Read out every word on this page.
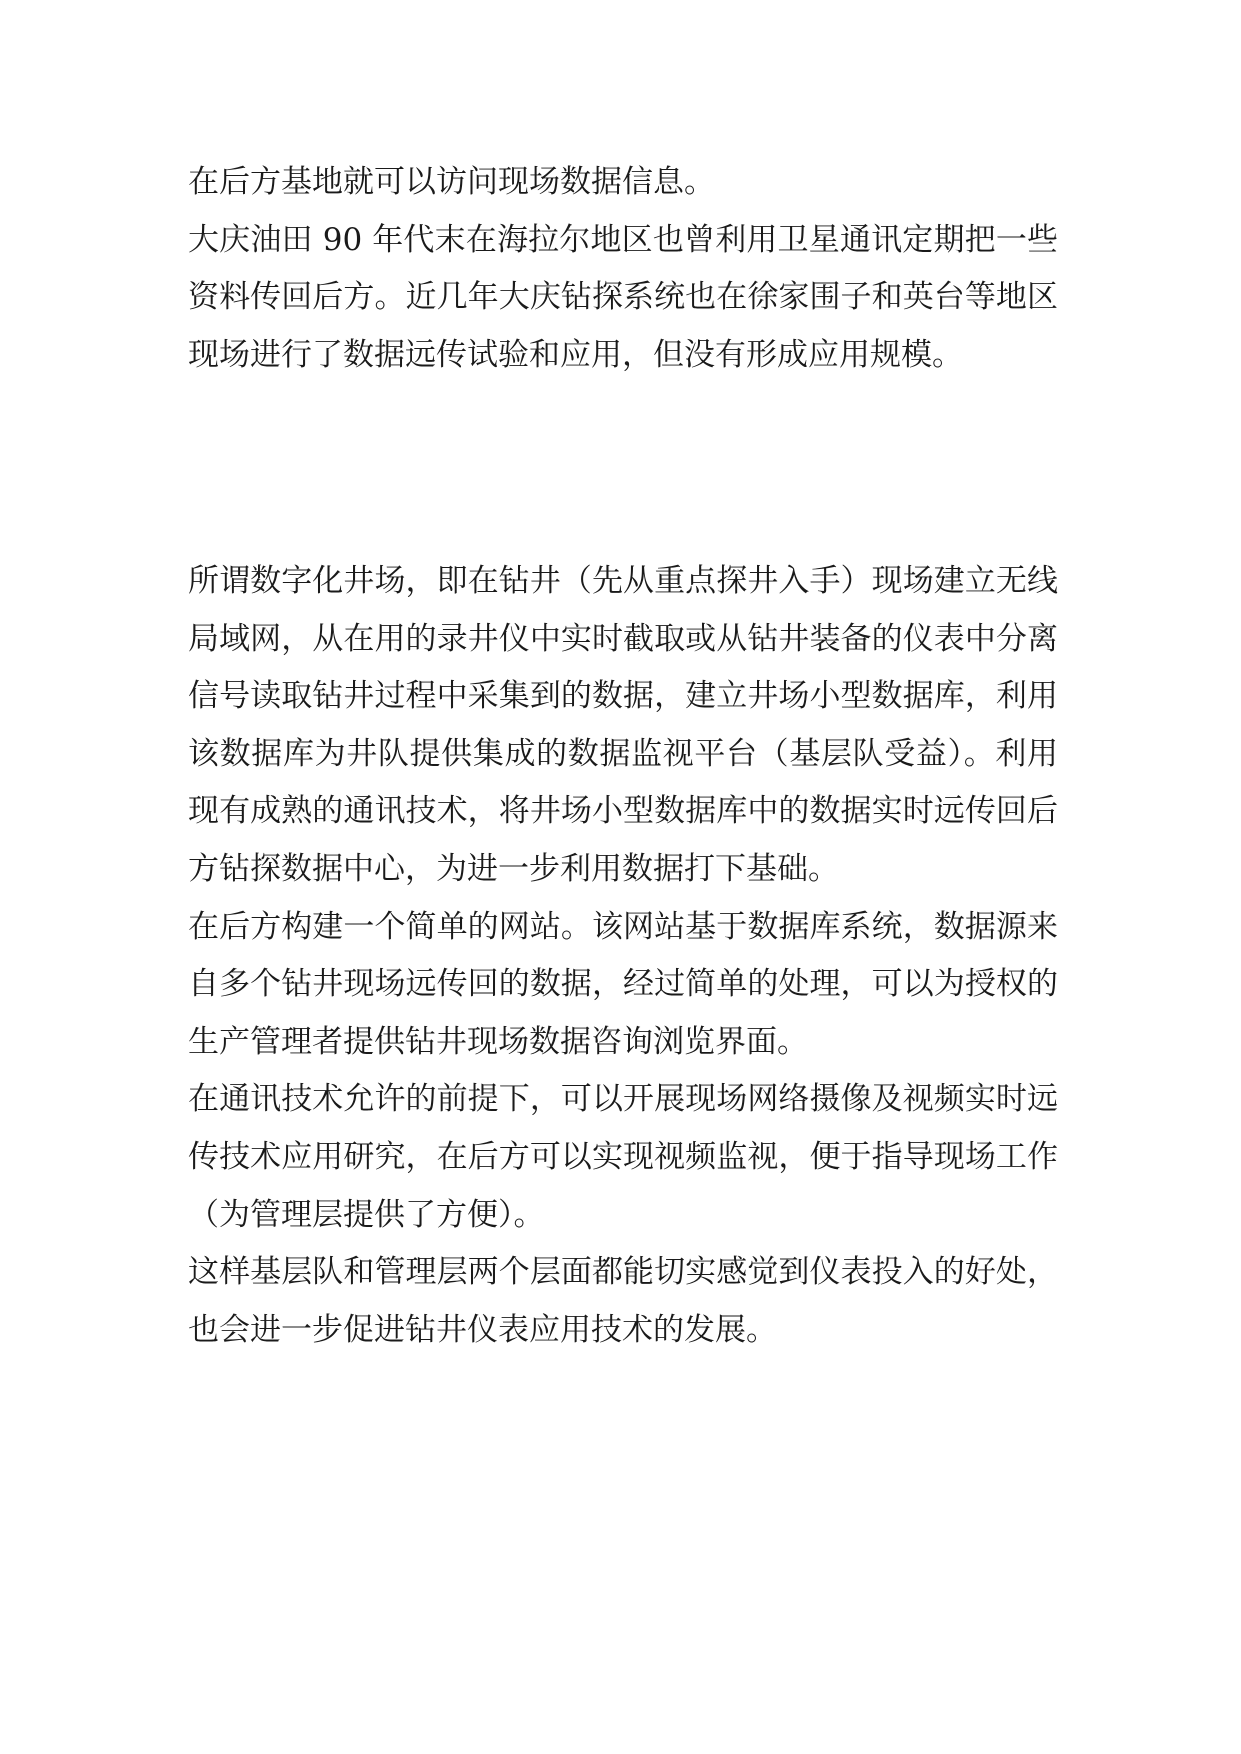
在后方基地就可以访问现场数据信息。

大庆油田 90 年代末在海拉尔地区也曾利用卫星通讯定期把一些资料传回后方。近几年大庆钻探系统也在徐家围子和英台等地区现场进行了数据远传试验和应用，但没有形成应用规模。

所谓数字化井场，即在钻井（先从重点探井入手）现场建立无线局域网，从在用的录井仪中实时截取或从钻井装备的仪表中分离信号读取钻井过程中采集到的数据，建立井场小型数据库，利用该数据库为井队提供集成的数据监视平台（基层队受益）。利用现有成熟的通讯技术，将井场小型数据库中的数据实时远传回后方钻探数据中心，为进一步利用数据打下基础。

在后方构建一个简单的网站。该网站基于数据库系统，数据源来自多个钻井现场远传回的数据，经过简单的处理，可以为授权的生产管理者提供钻井现场数据咨询浏览界面。

在通讯技术允许的前提下，可以开展现场网络摄像及视频实时远传技术应用研究，在后方可以实现视频监视，便于指导现场工作（为管理层提供了方便）。

这样基层队和管理层两个层面都能切实感觉到仪表投入的好处，也会进一步促进钻井仪表应用技术的发展。
